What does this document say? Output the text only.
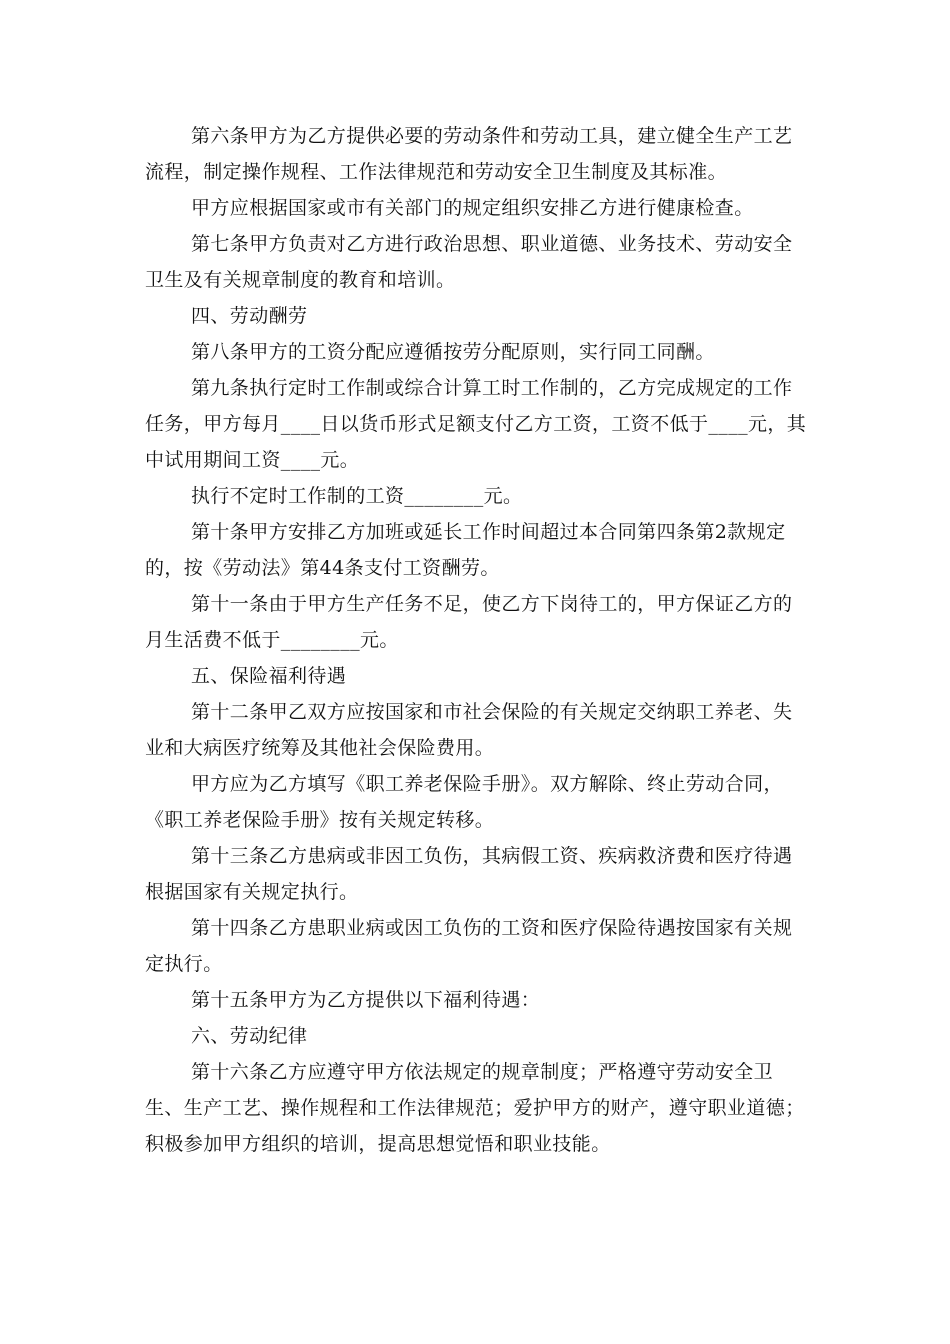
第六条甲方为乙方提供必要的劳动条件和劳动工具，建立健全生产工艺流程，制定操作规程、工作法律规范和劳动安全卫生制度及其标准。

甲方应根据国家或市有关部门的规定组织安排乙方进行健康检查。

第七条甲方负责对乙方进行政治思想、职业道德、业务技术、劳动安全卫生及有关规章制度的教育和培训。

四、劳动酬劳

第八条甲方的工资分配应遵循按劳分配原则，实行同工同酬。

第九条执行定时工作制或综合计算工时工作制的，乙方完成规定的工作任务，甲方每月____日以货币形式足额支付乙方工资，工资不低于____元，其中试用期间工资____元。

执行不定时工作制的工资________元。

第十条甲方安排乙方加班或延长工作时间超过本合同第四条第2款规定的，按《劳动法》第44条支付工资酬劳。

第十一条由于甲方生产任务不足，使乙方下岗待工的，甲方保证乙方的月生活费不低于________元。

五、保险福利待遇

第十二条甲乙双方应按国家和市社会保险的有关规定交纳职工养老、失业和大病医疗统筹及其他社会保险费用。

甲方应为乙方填写《职工养老保险手册》。双方解除、终止劳动合同，《职工养老保险手册》按有关规定转移。

第十三条乙方患病或非因工负伤，其病假工资、疾病救济费和医疗待遇根据国家有关规定执行。

第十四条乙方患职业病或因工负伤的工资和医疗保险待遇按国家有关规定执行。

第十五条甲方为乙方提供以下福利待遇：

六、劳动纪律

第十六条乙方应遵守甲方依法规定的规章制度；严格遵守劳动安全卫生、生产工艺、操作规程和工作法律规范；爱护甲方的财产，遵守职业道德；积极参加甲方组织的培训，提高思想觉悟和职业技能。
